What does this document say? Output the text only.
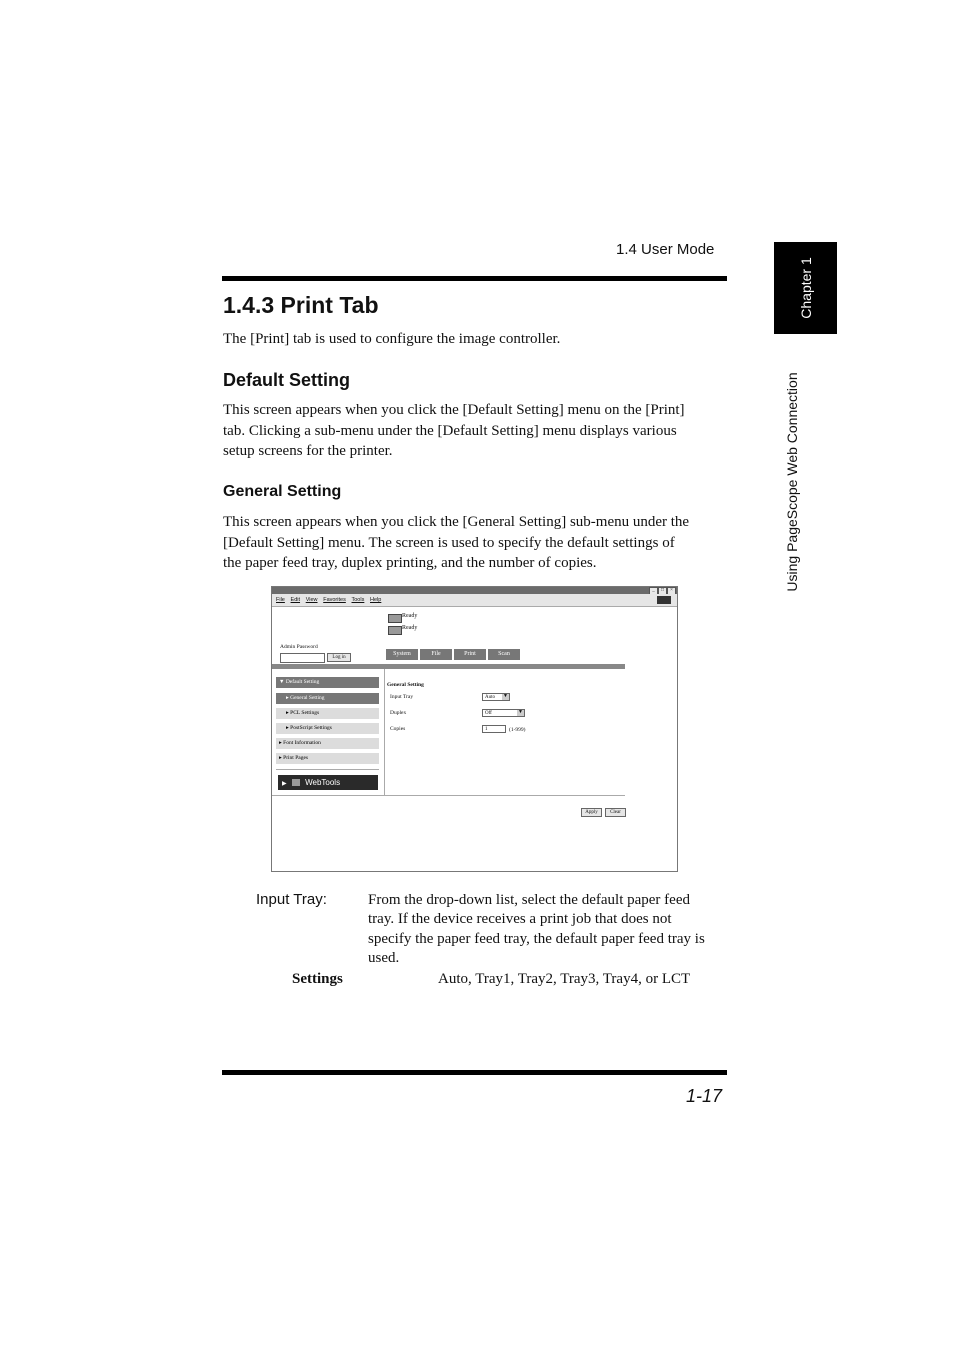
1.4 User Mode
Chapter 1
Using PageScope Web Connection
1.4.3 Print Tab

The [Print] tab is used to configure the image controller.

Default Setting

This screen appears when you click the [Default Setting] menu on the [Print]
tab. Clicking a sub-menu under the [Default Setting] menu displays various
setup screens for the printer.

General Setting

This screen appears when you click the [General Setting] sub-menu under the
[Default Setting] menu. The screen is used to specify the default settings of
the paper feed tray, duplex printing, and the number of copies.

_	□	×
File Edit View Favorites Tools Help
Ready
Ready
Admin Password
Log in
System	File	Print	Scan
▼ Default Setting
▸ General Setting
▸ PCL Settings
▸ PostScript Settings
▸ Font Information
▸ Print Pages
▶ WebTools
General Setting
Input Tray	Auto ▼
Duplex	Off	▼
Copies	1	(1-999)
Apply	Clear
Input Tray:	From the drop-down list, select the default paper feed
tray. If the device receives a print job that does not
specify the paper feed tray, the default paper feed tray is
used.

Settings	Auto, Tray1, Tray2, Tray3, Tray4, or LCT
1-17
